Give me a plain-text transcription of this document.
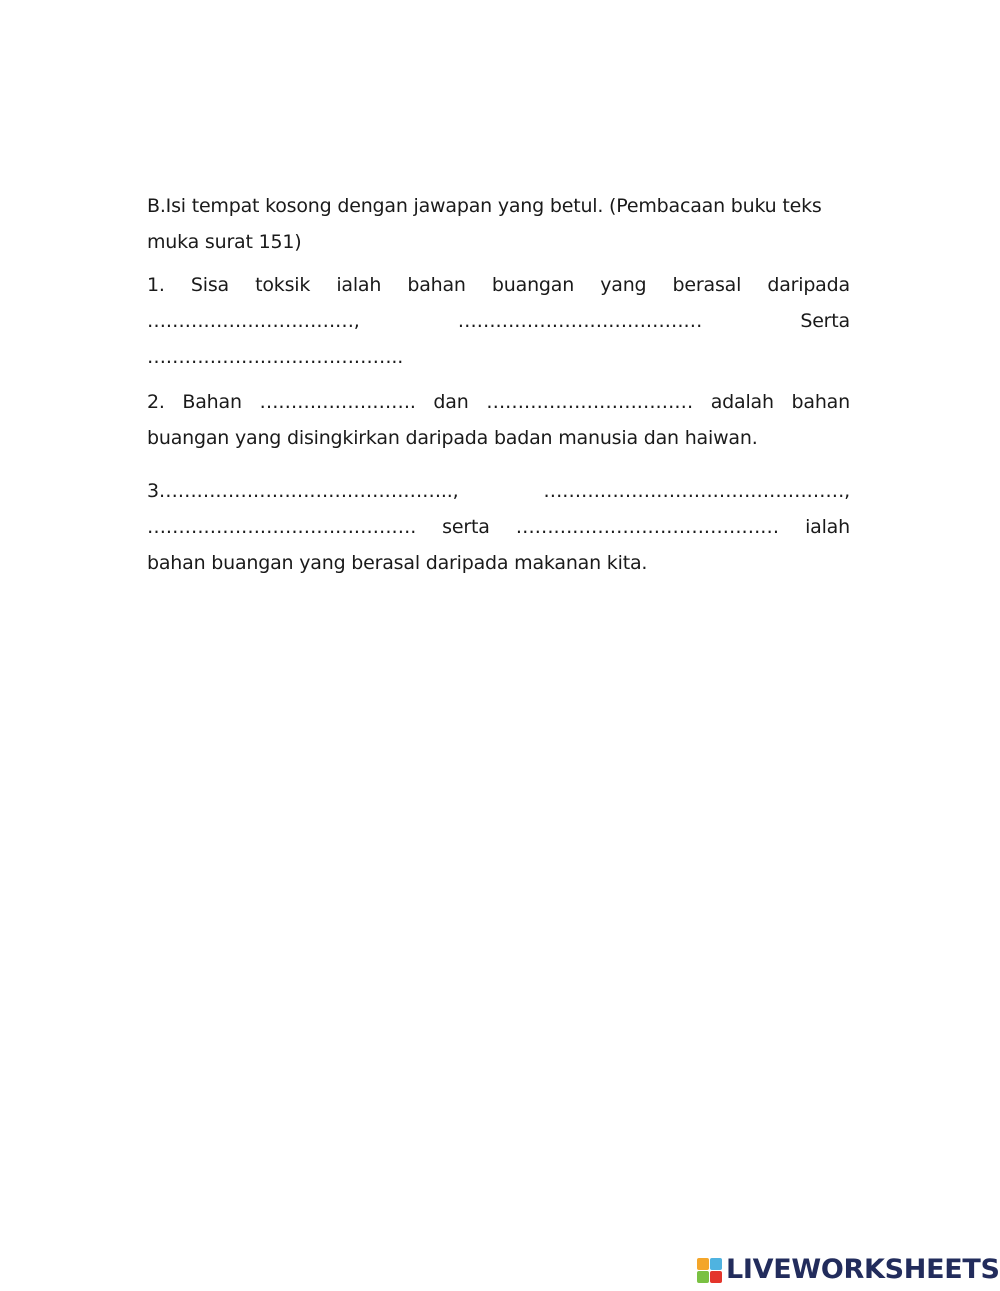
B.Isi tempat kosong dengan jawapan yang betul. (Pembacaan buku teks
muka surat 151)
1. Sisa toksik ialah bahan buangan yang berasal daripada
……………………………,	…………………………………	Serta
…………………………………..
2. Bahan ……………………. dan …………………………… adalah bahan
buangan yang disingkirkan daripada badan manusia dan haiwan.
3………………………………………..,	…………………………………………,
……………………………………. serta …………………………………… ialah
bahan buangan yang berasal daripada makanan kita.
LIVEWORKSHEETS
